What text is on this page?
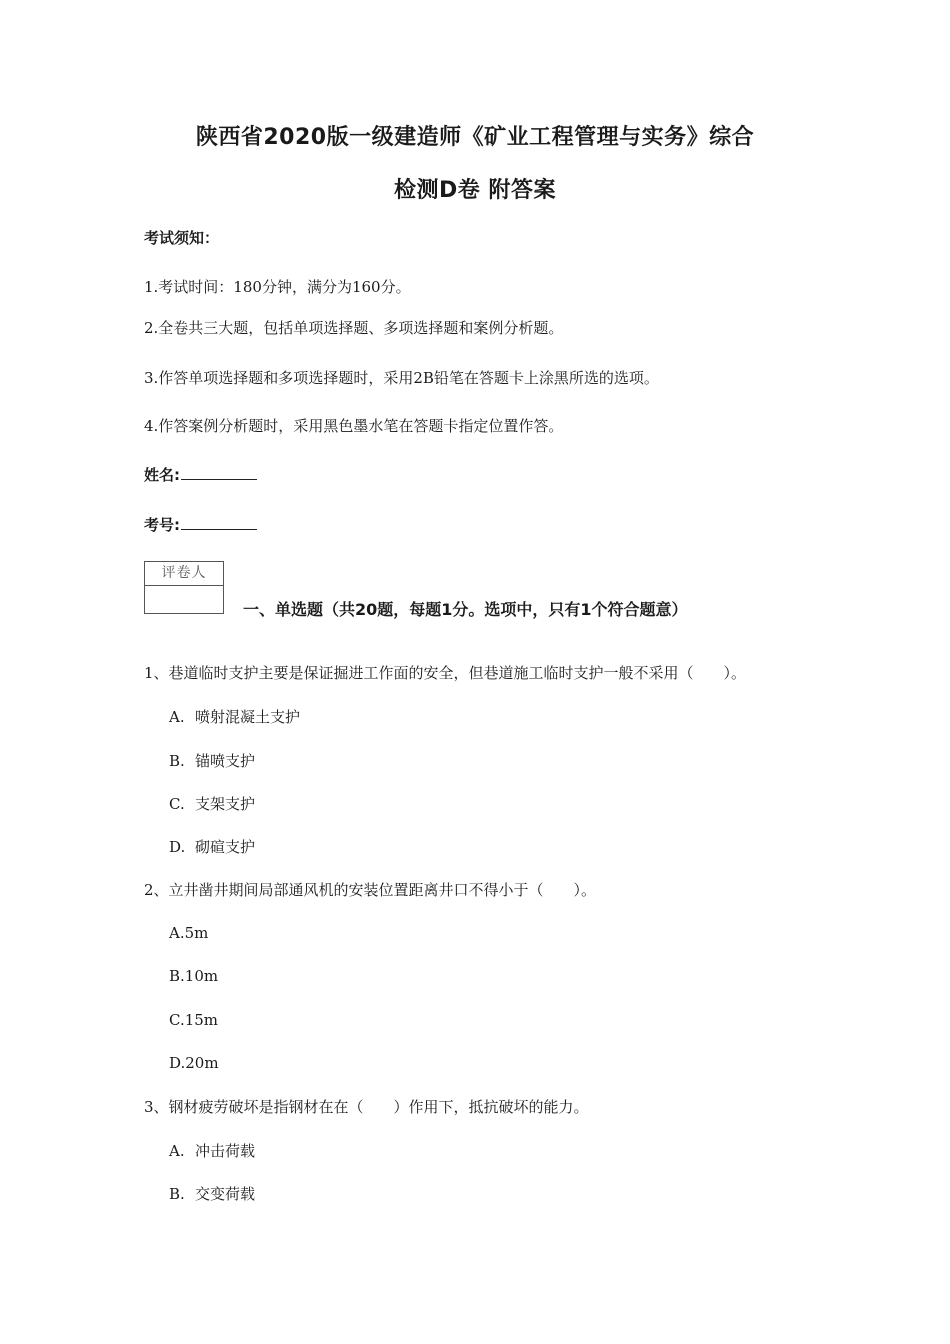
陕西省2020版一级建造师《矿业工程管理与实务》综合
检测D卷 附答案
考试须知：
1.考试时间：180分钟，满分为160分。
2.全卷共三大题，包括单项选择题、多项选择题和案例分析题。
3.作答单项选择题和多项选择题时，采用2B铅笔在答题卡上涂黑所选的选项。
4.作答案例分析题时，采用黑色墨水笔在答题卡指定位置作答。
姓名:
考号:
评卷人
一、单选题（共20题，每题1分。选项中，只有1个符合题意）
1、巷道临时支护主要是保证掘进工作面的安全，但巷道施工临时支护一般不采用（　　）。
A. 喷射混凝土支护
B. 锚喷支护
C. 支架支护
D. 砌碹支护
2、立井凿井期间局部通风机的安装位置距离井口不得小于（　　）。
A.5m
B.10m
C.15m
D.20m
3、钢材疲劳破坏是指钢材在在（　　）作用下，抵抗破坏的能力。
A. 冲击荷载
B. 交变荷载
